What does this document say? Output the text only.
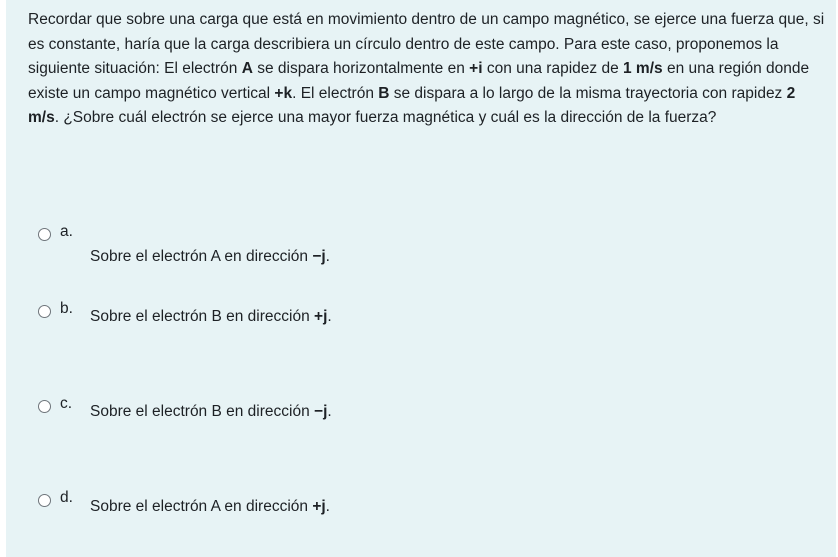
Recordar que sobre una carga que está en movimiento dentro de un campo magnético, se ejerce una fuerza que, si es constante, haría que la carga describiera un círculo dentro de este campo. Para este caso, proponemos la siguiente situación: El electrón A se dispara horizontalmente en +i con una rapidez de 1 m/s en una región donde existe un campo magnético vertical +k. El electrón B se dispara a lo largo de la misma trayectoria con rapidez 2 m/s. ¿Sobre cuál electrón se ejerce una mayor fuerza magnética y cuál es la dirección de la fuerza?

a.
Sobre el electrón A en dirección −j.
b. Sobre el electrón B en dirección +j.
c. Sobre el electrón B en dirección −j.
d.
Sobre el electrón A en dirección +j.
